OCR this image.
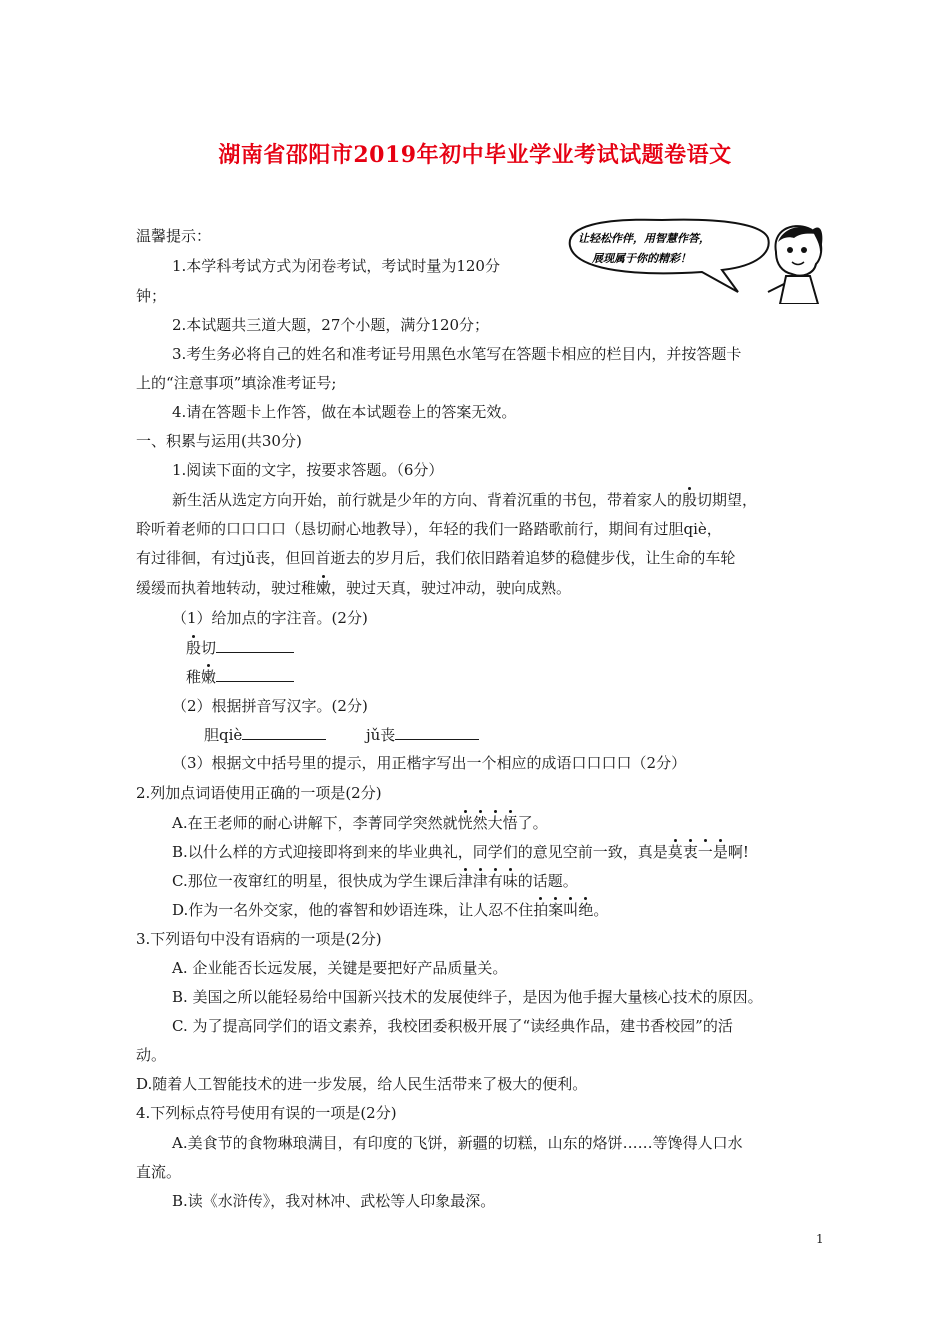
湖南省邵阳市2019年初中毕业学业考试试题卷语文
让轻松作伴，用智慧作答，
展现属于你的精彩！
温馨提示：
1.本学科考试方式为闭卷考试，考试时量为120分
钟；
2.本试题共三道大题，27个小题，满分120分；
3.考生务必将自己的姓名和准考证号用黑色水笔写在答题卡相应的栏目内，并按答题卡
上的“注意事项”填涂准考证号;
4.请在答题卡上作答，做在本试题卷上的答案无效。
一、积累与运用(共30分)
1.阅读下面的文字，按要求答题。（6分）
新生活从选定方向开始，前行就是少年的方向、背着沉重的书包，带着家人的殷切期望，
聆听着老师的口口口口（恳切耐心地教导），年轻的我们一路踏歌前行，期间有过胆qiè，
有过徘徊，有过jǔ丧，但回首逝去的岁月后，我们依旧踏着追梦的稳健步伐，让生命的车轮
缓缓而执着地转动，驶过稚嫩，驶过天真，驶过冲动，驶向成熟。
（1）给加点的字注音。(2分)
殷切
稚嫩
（2）根据拼音写汉字。(2分)
胆qiè	jǔ丧
（3）根据文中括号里的提示，用正楷字写出一个相应的成语口口口口（2分）
2.列加点词语使用正确的一项是(2分)
A.在王老师的耐心讲解下，李菁同学突然就恍然大悟了。
B.以什么样的方式迎接即将到来的毕业典礼，同学们的意见空前一致，真是莫衷一是啊!
C.那位一夜窜红的明星，很快成为学生课后津津有味的话题。
D.作为一名外交家，他的睿智和妙语连珠，让人忍不住拍案叫绝。
3.下列语句中没有语病的一项是(2分)
A. 企业能否长远发展，关键是要把好产品质量关。
B. 美国之所以能轻易给中国新兴技术的发展使绊子，是因为他手握大量核心技术的原因。
C. 为了提高同学们的语文素养，我校团委积极开展了“读经典作品，建书香校园”的活
动。
D.随着人工智能技术的进一步发展，给人民生活带来了极大的便利。
4.下列标点符号使用有误的一项是(2分)
A.美食节的食物琳琅满目，有印度的飞饼，新疆的切糕，山东的烙饼……等馋得人口水
直流。
B.读《水浒传》，我对林冲、武松等人印象最深。
1
